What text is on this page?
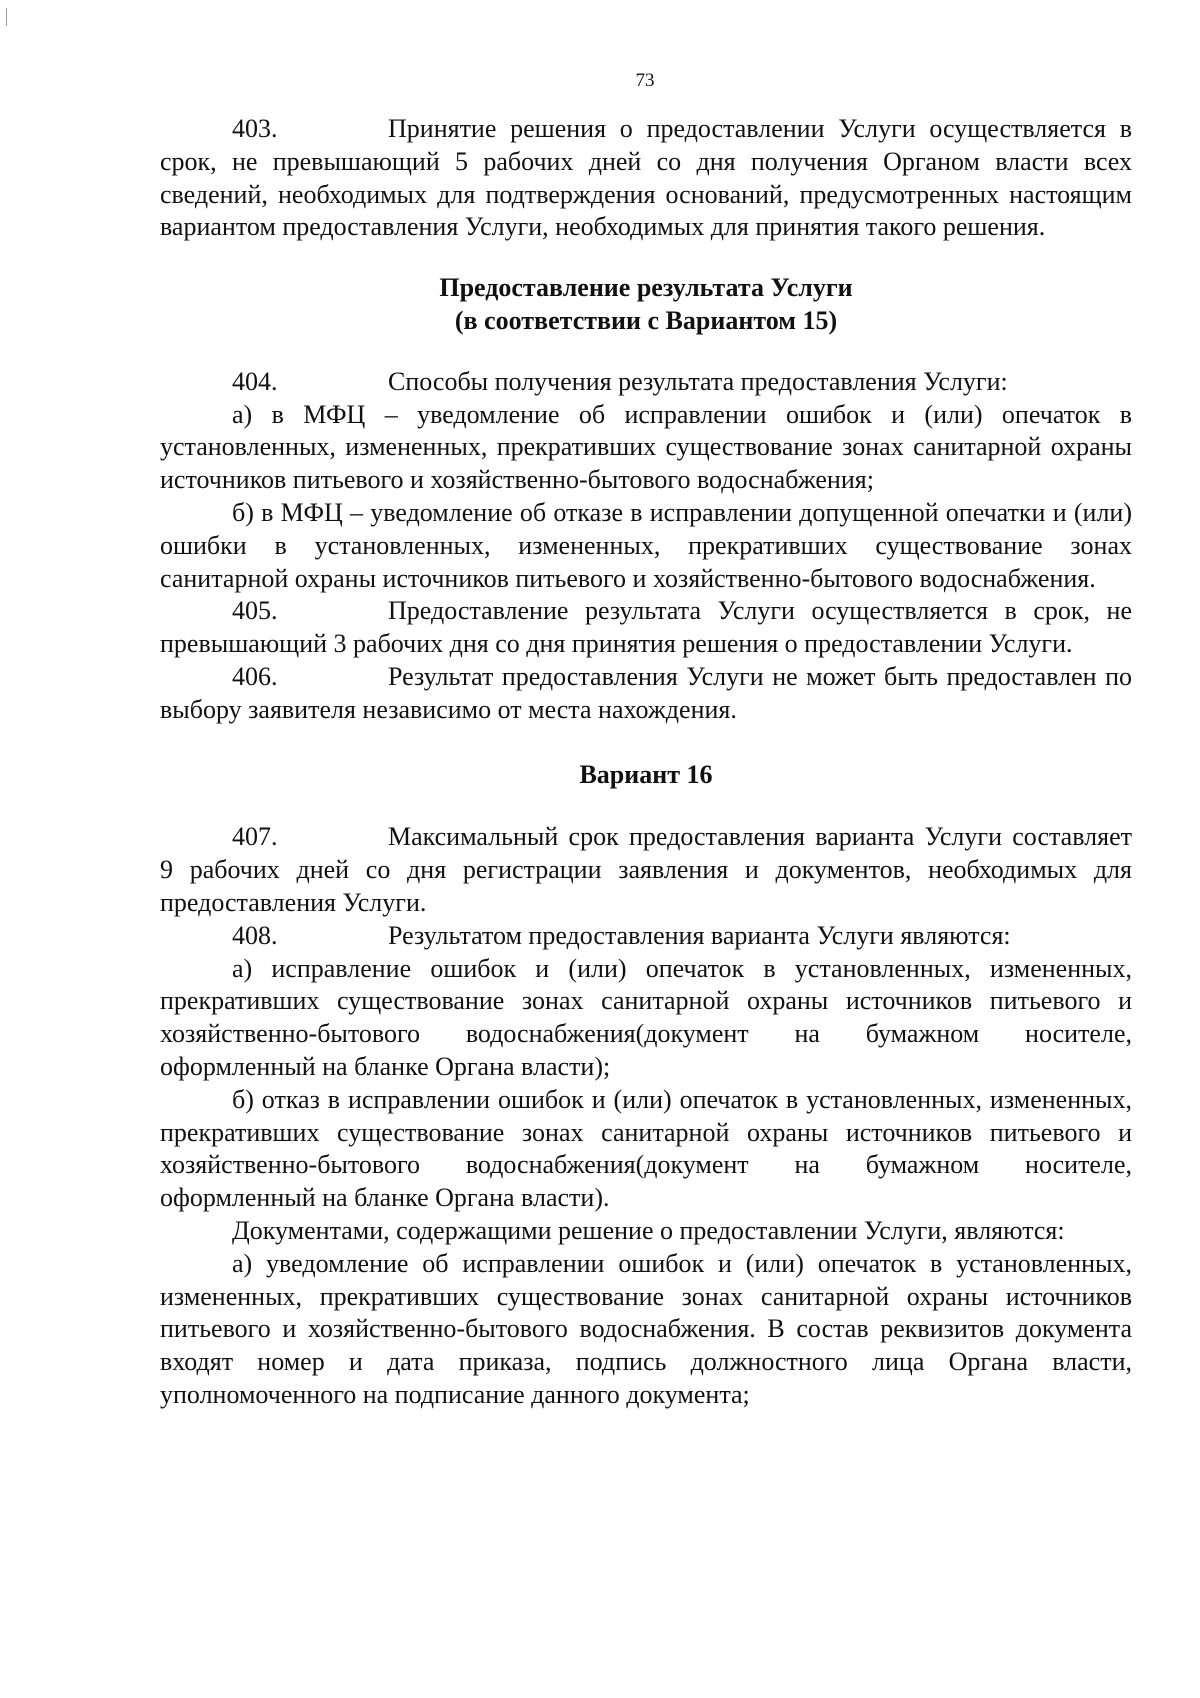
73

403.	Принятие решения о предоставлении Услуги осуществляется в срок, не превышающий 5 рабочих дней со дня получения Органом власти всех сведений, необходимых для подтверждения оснований, предусмотренных настоящим вариантом предоставления Услуги, необходимых для принятия такого решения.

Предоставление результата Услуги
(в соответствии с Вариантом 15)

404.	Способы получения результата предоставления Услуги:

а) в МФЦ – уведомление об исправлении ошибок и (или) опечаток в установленных, измененных, прекративших существование зонах санитарной охраны источников питьевого и хозяйственно-бытового водоснабжения;

б) в МФЦ – уведомление об отказе в исправлении допущенной опечатки и (или) ошибки в установленных, измененных, прекративших существование зонах санитарной охраны источников питьевого и хозяйственно-бытового водоснабжения.

405.	Предоставление результата Услуги осуществляется в срок, не превышающий 3 рабочих дня со дня принятия решения о предоставлении Услуги.

406.	Результат предоставления Услуги не может быть предоставлен по выбору заявителя независимо от места нахождения.

Вариант 16

407.	Максимальный срок предоставления варианта Услуги составляет 9 рабочих дней со дня регистрации заявления и документов, необходимых для предоставления Услуги.

408.	Результатом предоставления варианта Услуги являются:

а) исправление ошибок и (или) опечаток в установленных, измененных, прекративших существование зонах санитарной охраны источников питьевого и хозяйственно-бытового водоснабжения(документ на бумажном носителе, оформленный на бланке Органа власти);

б) отказ в исправлении ошибок и (или) опечаток в установленных, измененных, прекративших существование зонах санитарной охраны источников питьевого и хозяйственно-бытового водоснабжения(документ на бумажном носителе, оформленный на бланке Органа власти).

Документами, содержащими решение о предоставлении Услуги, являются:

а) уведомление об исправлении ошибок и (или) опечаток в установленных, измененных, прекративших существование зонах санитарной охраны источников питьевого и хозяйственно-бытового водоснабжения. В состав реквизитов документа входят номер и дата приказа, подпись должностного лица Органа власти, уполномоченного на подписание данного документа;
